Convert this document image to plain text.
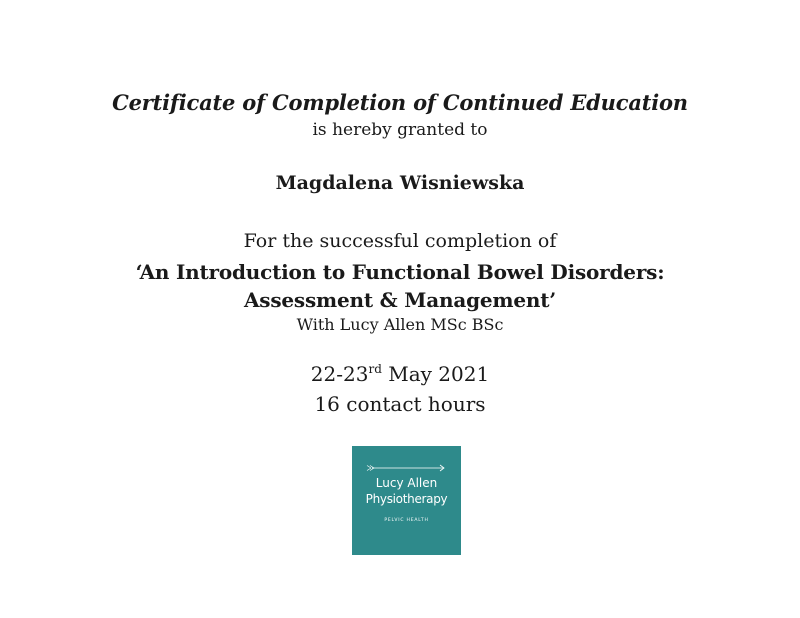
Certificate of Completion of Continued Education
is hereby granted to
Magdalena Wisniewska
For the successful completion of
‘An Introduction to Functional Bowel Disorders:
Assessment & Management’
With Lucy Allen MSc BSc
22-23rd May 2021
16 contact hours
Lucy Allen
Physiotherapy
PELVIC HEALTH
